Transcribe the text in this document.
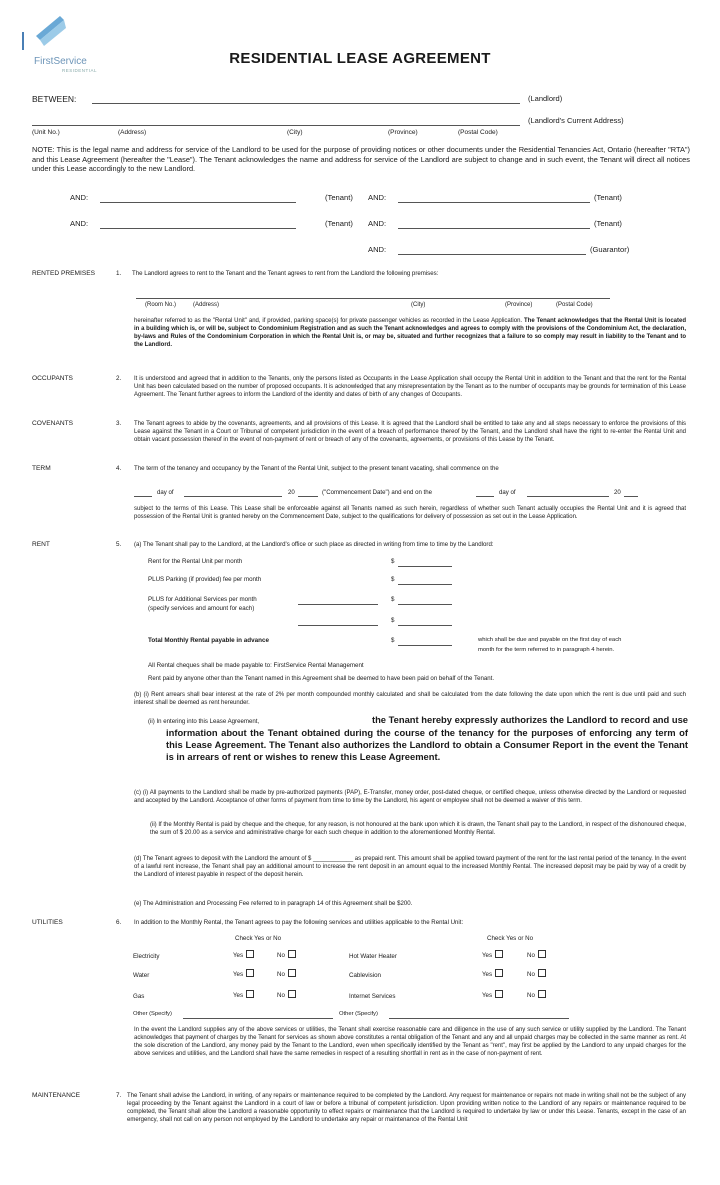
FirstService
RESIDENTIAL
RESIDENTIAL LEASE AGREEMENT
BETWEEN:	(Landlord)
(Landlord's Current Address)
(Unit No.)	(Address)	(City)	(Province)	(Postal Code)
NOTE: This is the legal name and address for service of the Landlord to be used for the purpose of providing notices or other documents under the Residential Tenancies Act, Ontario (hereafter "RTA") and this Lease Agreement (hereafter the "Lease"). The Tenant acknowledges the name and address for service of the Landlord are subject to change and in such event, the Tenant will direct all notices under this Lease accordingly to the new Landlord.
AND:	(Tenant) AND:	(Tenant)
AND:	(Tenant) AND:	(Tenant)
AND:	(Guarantor)
RENTED PREMISES	1. The Landlord agrees to rent to the Tenant and the Tenant agrees to rent from the Landlord the following premises:
(Room No.)	(Address)	(City)	(Province)	(Postal Code)
hereinafter referred to as the "Rental Unit" and, if provided, parking space(s) for private passenger vehicles as recorded in the Lease Application. The Tenant acknowledges that the Rental Unit is located in a building which is, or will be, subject to Condominium Registration and as such the Tenant acknowledges and agrees to comply with the provisions of the Condominium Act, the declaration, by-laws and Rules of the Condominium Corporation in which the Rental Unit is, or may be, situated and further recognizes that a failure to so comply may result in liability to the Tenant and to the Landlord.
OCCUPANTS	2. It is understood and agreed that in addition to the Tenants, only the persons listed as Occupants in the Lease Application shall occupy the Rental Unit in addition to the Tenant and that the rent for the Rental Unit has been calculated based on the number of proposed occupants. It is acknowledged that any misrepresentation by the Tenant as to the number of occupants may be grounds for termination of this Lease Agreement. The Tenant further agrees to inform the Landlord of the identity and dates of birth of any changes of Occupants.
COVENANTS	3. The Tenant agrees to abide by the covenants, agreements, and all provisions of this Lease. It is agreed that the Landlord shall be entitled to take any and all steps necessary to enforce the provisions of this Lease against the Tenant in a Court or Tribunal of competent jurisdiction in the event of a breach of performance thereof by the Tenant, and the Landlord shall have the right to re-enter the Rental Unit and obtain vacant possession thereof in the event of non-payment of rent or breach of any of the covenants, agreements, or provisions of this Lease by the Tenant.
TERM	4. The term of the tenancy and occupancy by the Tenant of the Rental Unit, subject to the present tenant vacating, shall commence on the
day of	20	("Commencement Date") and end on the	day of	20
subject to the terms of this Lease. This Lease shall be enforceable against all Tenants named as such herein, regardless of whether such Tenant actually occupies the Rental Unit and it is agreed that possession of the Rental Unit is granted hereby on the Commencement Date, subject to the qualifications for delivery of possession as set out in the Lease Application.
RENT	5. (a) The Tenant shall pay to the Landlord, at the Landlord's office or such place as directed in writing from time to time by the Landlord:
Rent for the Rental Unit per month	$
PLUS Parking (if provided) fee per month	$
PLUS for Additional Services per month
(specify services and amount for each)
$
$
Total Monthly Rental payable in advance	$	which shall be due and payable on the first day of each
month for the term referred to in paragraph 4 herein.
All Rental cheques shall be made payable to: FirstService Rental Management
Rent paid by anyone other than the Tenant named in this Agreement shall be deemed to have been paid on behalf of the Tenant.
(b) (i) Rent arrears shall bear interest at the rate of 2% per month compounded monthly calculated and shall be calculated from the date following the date upon which the rent is due until paid and such interest shall be deemed as rent hereunder.
(ii) In entering into this Lease Agreement,	the Tenant hereby expressly authorizes the Landlord to record and use
information about the Tenant obtained during the course of the tenancy for the purposes of enforcing any term of this Lease Agreement. The Tenant also authorizes the Landlord to obtain a Consumer Report in the event the Tenant is in arrears of rent or wishes to renew this Lease Agreement.
(c) (i) All payments to the Landlord shall be made by pre-authorized payments (PAP), E-Transfer, money order, post-dated cheque, or certified cheque, unless otherwise directed by the Landlord or requested and accepted by the Landlord. Acceptance of other forms of payment from time to time by the Landlord, his agent or employee shall not be deemed a waiver of this term.
(ii) If the Monthly Rental is paid by cheque and the cheque, for any reason, is not honoured at the bank upon which it is drawn, the Tenant shall pay to the Landlord, in respect of the dishonoured cheque, the sum of $ 20.00 as a service and administrative charge for each such cheque in addition to the aforementioned Monthly Rental.
(d) The Tenant agrees to deposit with the Landlord the amount of $ ____________ as prepaid rent. This amount shall be applied toward payment of the rent for the last rental period of the tenancy. In the event of a lawful rent increase, the Tenant shall pay an additional amount to increase the rent deposit in an amount equal to the increased Monthly Rental. The increased deposit may be paid by way of a credit by the Landlord of interest payable in respect of the deposit herein.
(e) The Administration and Processing Fee referred to in paragraph 14 of this Agreement shall be $200.
UTILITIES	6. In addition to the Monthly Rental, the Tenant agrees to pay the following services and utilities applicable to the Rental Unit:
Check Yes or No	Check Yes or No
Electricity	Yes	No
Water	Yes	No
Gas	Yes	No
Hot Water Heater	Yes	No
Cablevision	Yes	No
Internet Services	Yes	No
Other (Specify)	Other (Specify)
In the event the Landlord supplies any of the above services or utilities, the Tenant shall exercise reasonable care and diligence in the use of any such service or utility supplied by the Landlord. The Tenant acknowledges that payment of charges by the Tenant for services as shown above constitutes a rental obligation of the Tenant and any and all unpaid charges may be collected in the same manner as rent. At the sole discretion of the Landlord, any money paid by the Tenant to the Landlord, even when specifically identified by the Tenant as "rent", may first be applied by the Landlord to any unpaid charges for the above services and utilities, and the Landlord shall have the same remedies in respect of a resulting shortfall in rent as in the case of non-payment of rent.
MAINTENANCE	7. The Tenant shall advise the Landlord, in writing, of any repairs or maintenance required to be completed by the Landlord. Any request for maintenance or repairs not made in writing shall not be the subject of any legal proceeding by the Tenant against the Landlord in a court of law or before a tribunal of competent jurisdiction. Upon providing written notice to the Landlord of any repairs or maintenance required to be completed, the Tenant shall allow the Landlord a reasonable opportunity to effect repairs or maintenance that the Landlord is required to undertake by law or under this Lease. Tenants, except in the case of an emergency, shall not call on any person not employed by the Landlord to undertake any repair or maintenance of the Rental Unit
